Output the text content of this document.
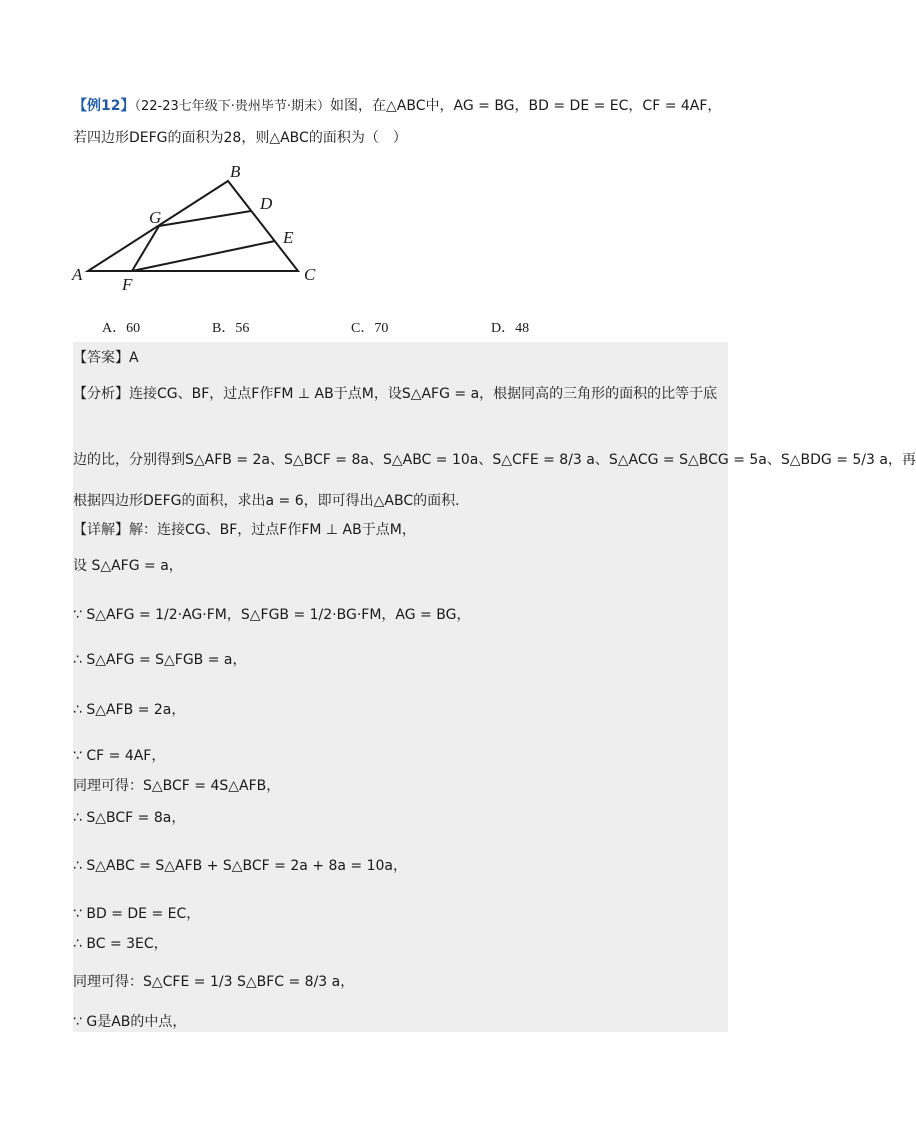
【例12】（22-23七年级下·贵州毕节·期末）如图，在△ABC中，AG = BG，BD = DE = EC，CF = 4AF，
若四边形DEFG的面积为28，则△ABC的面积为（　）
A
B
C
D
E
F
G
A．60	B．56	C．70	D．48
【答案】A
【分析】连接CG、BF，过点F作FM ⊥ AB于点M，设S△AFG = a，根据同高的三角形的面积的比等于底
边的比，分别得到S△AFB = 2a、S△BCF = 8a、S△ABC = 10a、S△CFE = 8/3 a、S△ACG = S△BCG = 5a、S△BDG = 5/3 a，再
根据四边形DEFG的面积，求出a = 6，即可得出△ABC的面积．
【详解】解：连接CG、BF，过点F作FM ⊥ AB于点M，
设 S△AFG = a，
∵ S△AFG = 1/2·AG·FM，S△FGB = 1/2·BG·FM，AG = BG，
∴ S△AFG = S△FGB = a，
∴ S△AFB = 2a，
∵ CF = 4AF，
同理可得：S△BCF = 4S△AFB，
∴ S△BCF = 8a，
∴ S△ABC = S△AFB + S△BCF = 2a + 8a = 10a，
∵ BD = DE = EC，
∴ BC = 3EC，
同理可得：S△CFE = 1/3 S△BFC = 8/3 a，
∵ G是AB的中点，
